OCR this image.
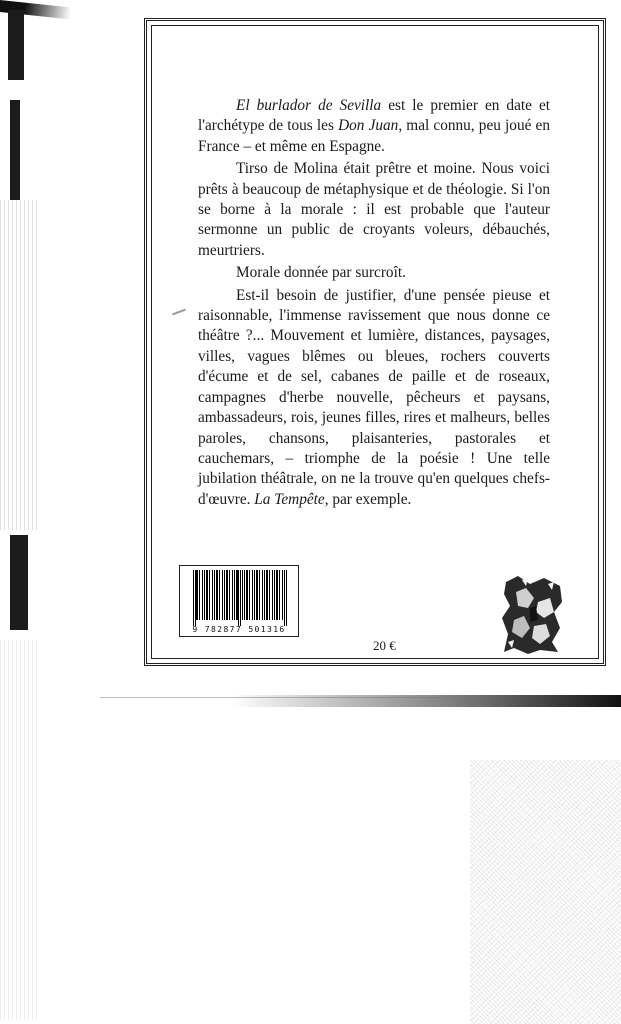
El burlador de Sevilla est le premier en date et l'archétype de tous les Don Juan, mal connu, peu joué en France – et même en Espagne.

Tirso de Molina était prêtre et moine. Nous voici prêts à beaucoup de métaphysique et de théologie. Si l'on se borne à la morale : il est probable que l'auteur sermonne un public de croyants voleurs, débauchés, meurtriers.

Morale donnée par surcroît.

Est-il besoin de justifier, d'une pensée pieuse et raisonnable, l'immense ravissement que nous donne ce théâtre ?... Mouvement et lumière, distances, paysages, villes, vagues blêmes ou bleues, rochers couverts d'écume et de sel, cabanes de paille et de roseaux, campagnes d'herbe nouvelle, pêcheurs et paysans, ambassadeurs, rois, jeunes filles, rires et malheurs, belles paroles, chansons, plaisanteries, pastorales et cauchemars, – triomphe de la poésie ! Une telle jubilation théâtrale, on ne la trouve qu'en quelques chefs-d'œuvre. La Tempête, par exemple.

9 782877 501316
20 €
